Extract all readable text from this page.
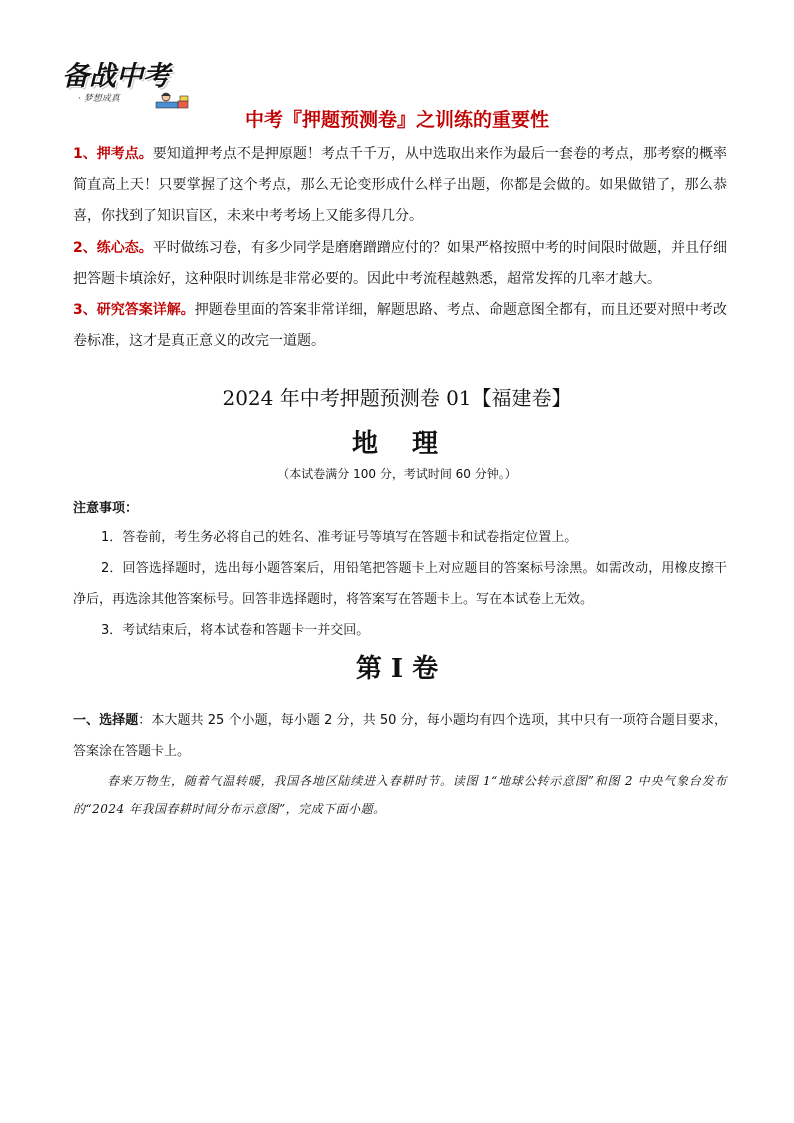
备战中考
· 梦想成真
中考『押题预测卷』之训练的重要性
1、押考点。要知道押考点不是押原题！考点千千万，从中选取出来作为最后一套卷的考点，那考察的概率简直高上天！只要掌握了这个考点，那么无论变形成什么样子出题，你都是会做的。如果做错了，那么恭喜，你找到了知识盲区，未来中考考场上又能多得几分。
2、练心态。平时做练习卷，有多少同学是磨磨蹭蹭应付的？如果严格按照中考的时间限时做题，并且仔细把答题卡填涂好，这种限时训练是非常必要的。因此中考流程越熟悉，超常发挥的几率才越大。
3、研究答案详解。押题卷里面的答案非常详细，解题思路、考点、命题意图全都有，而且还要对照中考改卷标准，这才是真正意义的改完一道题。
2024 年中考押题预测卷 01【福建卷】
地 理
（本试卷满分 100 分，考试时间 60 分钟。）
注意事项：
1．答卷前，考生务必将自己的姓名、准考证号等填写在答题卡和试卷指定位置上。
2．回答选择题时，选出每小题答案后，用铅笔把答题卡上对应题目的答案标号涂黑。如需改动，用橡皮擦干净后，再选涂其他答案标号。回答非选择题时，将答案写在答题卡上。写在本试卷上无效。
3．考试结束后，将本试卷和答题卡一并交回。
第 I 卷
一、选择题：本大题共 25 个小题，每小题 2 分，共 50 分，每小题均有四个选项，其中只有一项符合题目要求，答案涂在答题卡上。
春来万物生，随着气温转暖，我国各地区陆续进入春耕时节。读图 1“地球公转示意图”和图 2 中央气象台发布的“2024 年我国春耕时间分布示意图”，完成下面小题。
